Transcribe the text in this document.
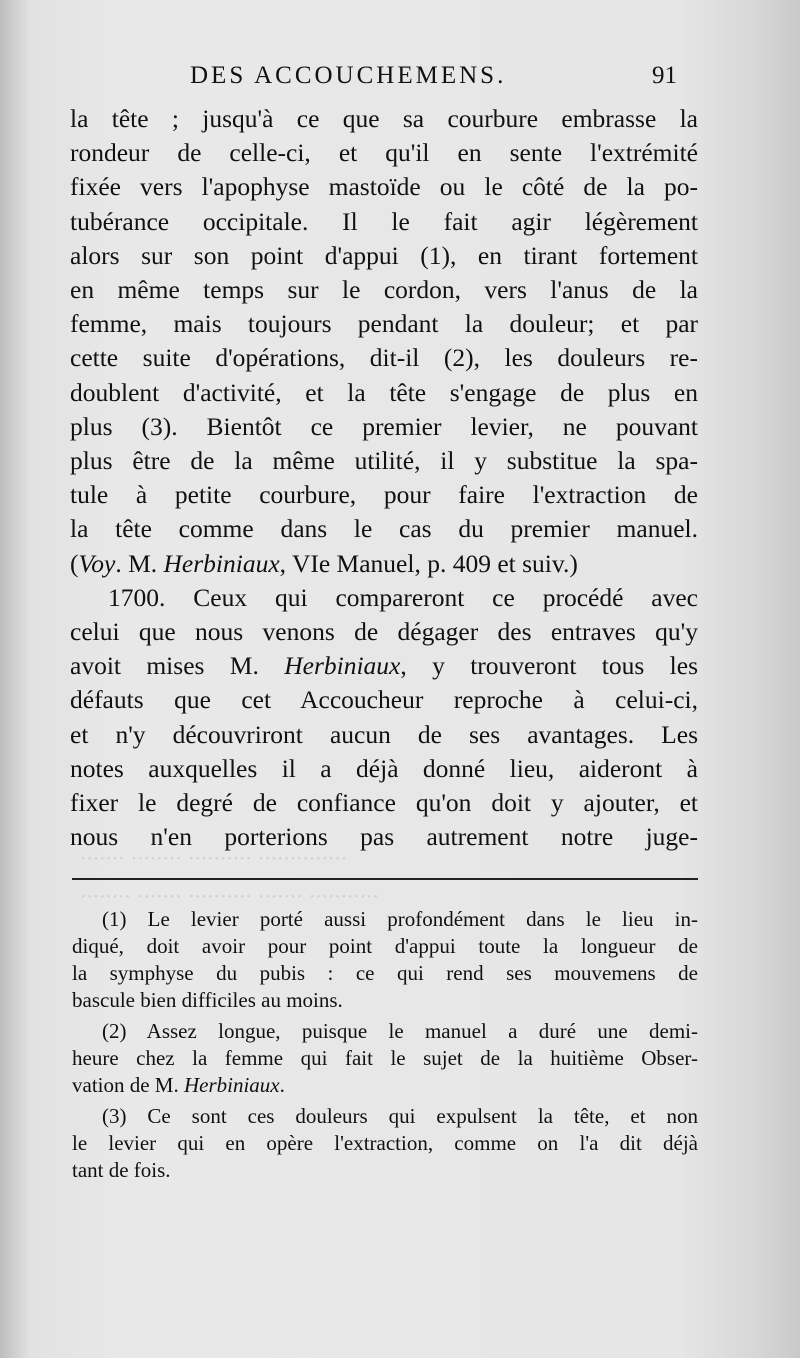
·············· ·········· ········ ·······
··········· ······· ·········· ······· ········
DES ACCOUCHEMENS.	91
la tête ; jusqu'à ce que sa courbure embrasse la
rondeur de celle-ci, et qu'il en sente l'extrémité
fixée vers l'apophyse mastoïde ou le côté de la po-
tubérance occipitale. Il le fait agir légèrement
alors sur son point d'appui (1), en tirant fortement
en même temps sur le cordon, vers l'anus de la
femme, mais toujours pendant la douleur; et par
cette suite d'opérations, dit-il (2), les douleurs re-
doublent d'activité, et la tête s'engage de plus en
plus (3). Bientôt ce premier levier, ne pouvant
plus être de la même utilité, il y substitue la spa-
tule à petite courbure, pour faire l'extraction de
la tête comme dans le cas du premier manuel.
(Voy. M. Herbiniaux, VIe Manuel, p. 409 et suiv.)
1700. Ceux qui compareront ce procédé avec
celui que nous venons de dégager des entraves qu'y
avoit mises M. Herbiniaux, y trouveront tous les
défauts que cet Accoucheur reproche à celui-ci,
et n'y découvriront aucun de ses avantages. Les
notes auxquelles il a déjà donné lieu, aideront à
fixer le degré de confiance qu'on doit y ajouter, et
nous n'en porterions pas autrement notre juge-
(1) Le levier porté aussi profondément dans le lieu in-
diqué, doit avoir pour point d'appui toute la longueur de
la symphyse du pubis : ce qui rend ses mouvemens de
bascule bien difficiles au moins.
(2) Assez longue, puisque le manuel a duré une demi-
heure chez la femme qui fait le sujet de la huitième Obser-
vation de M. Herbiniaux.
(3) Ce sont ces douleurs qui expulsent la tête, et non
le levier qui en opère l'extraction, comme on l'a dit déjà
tant de fois.
